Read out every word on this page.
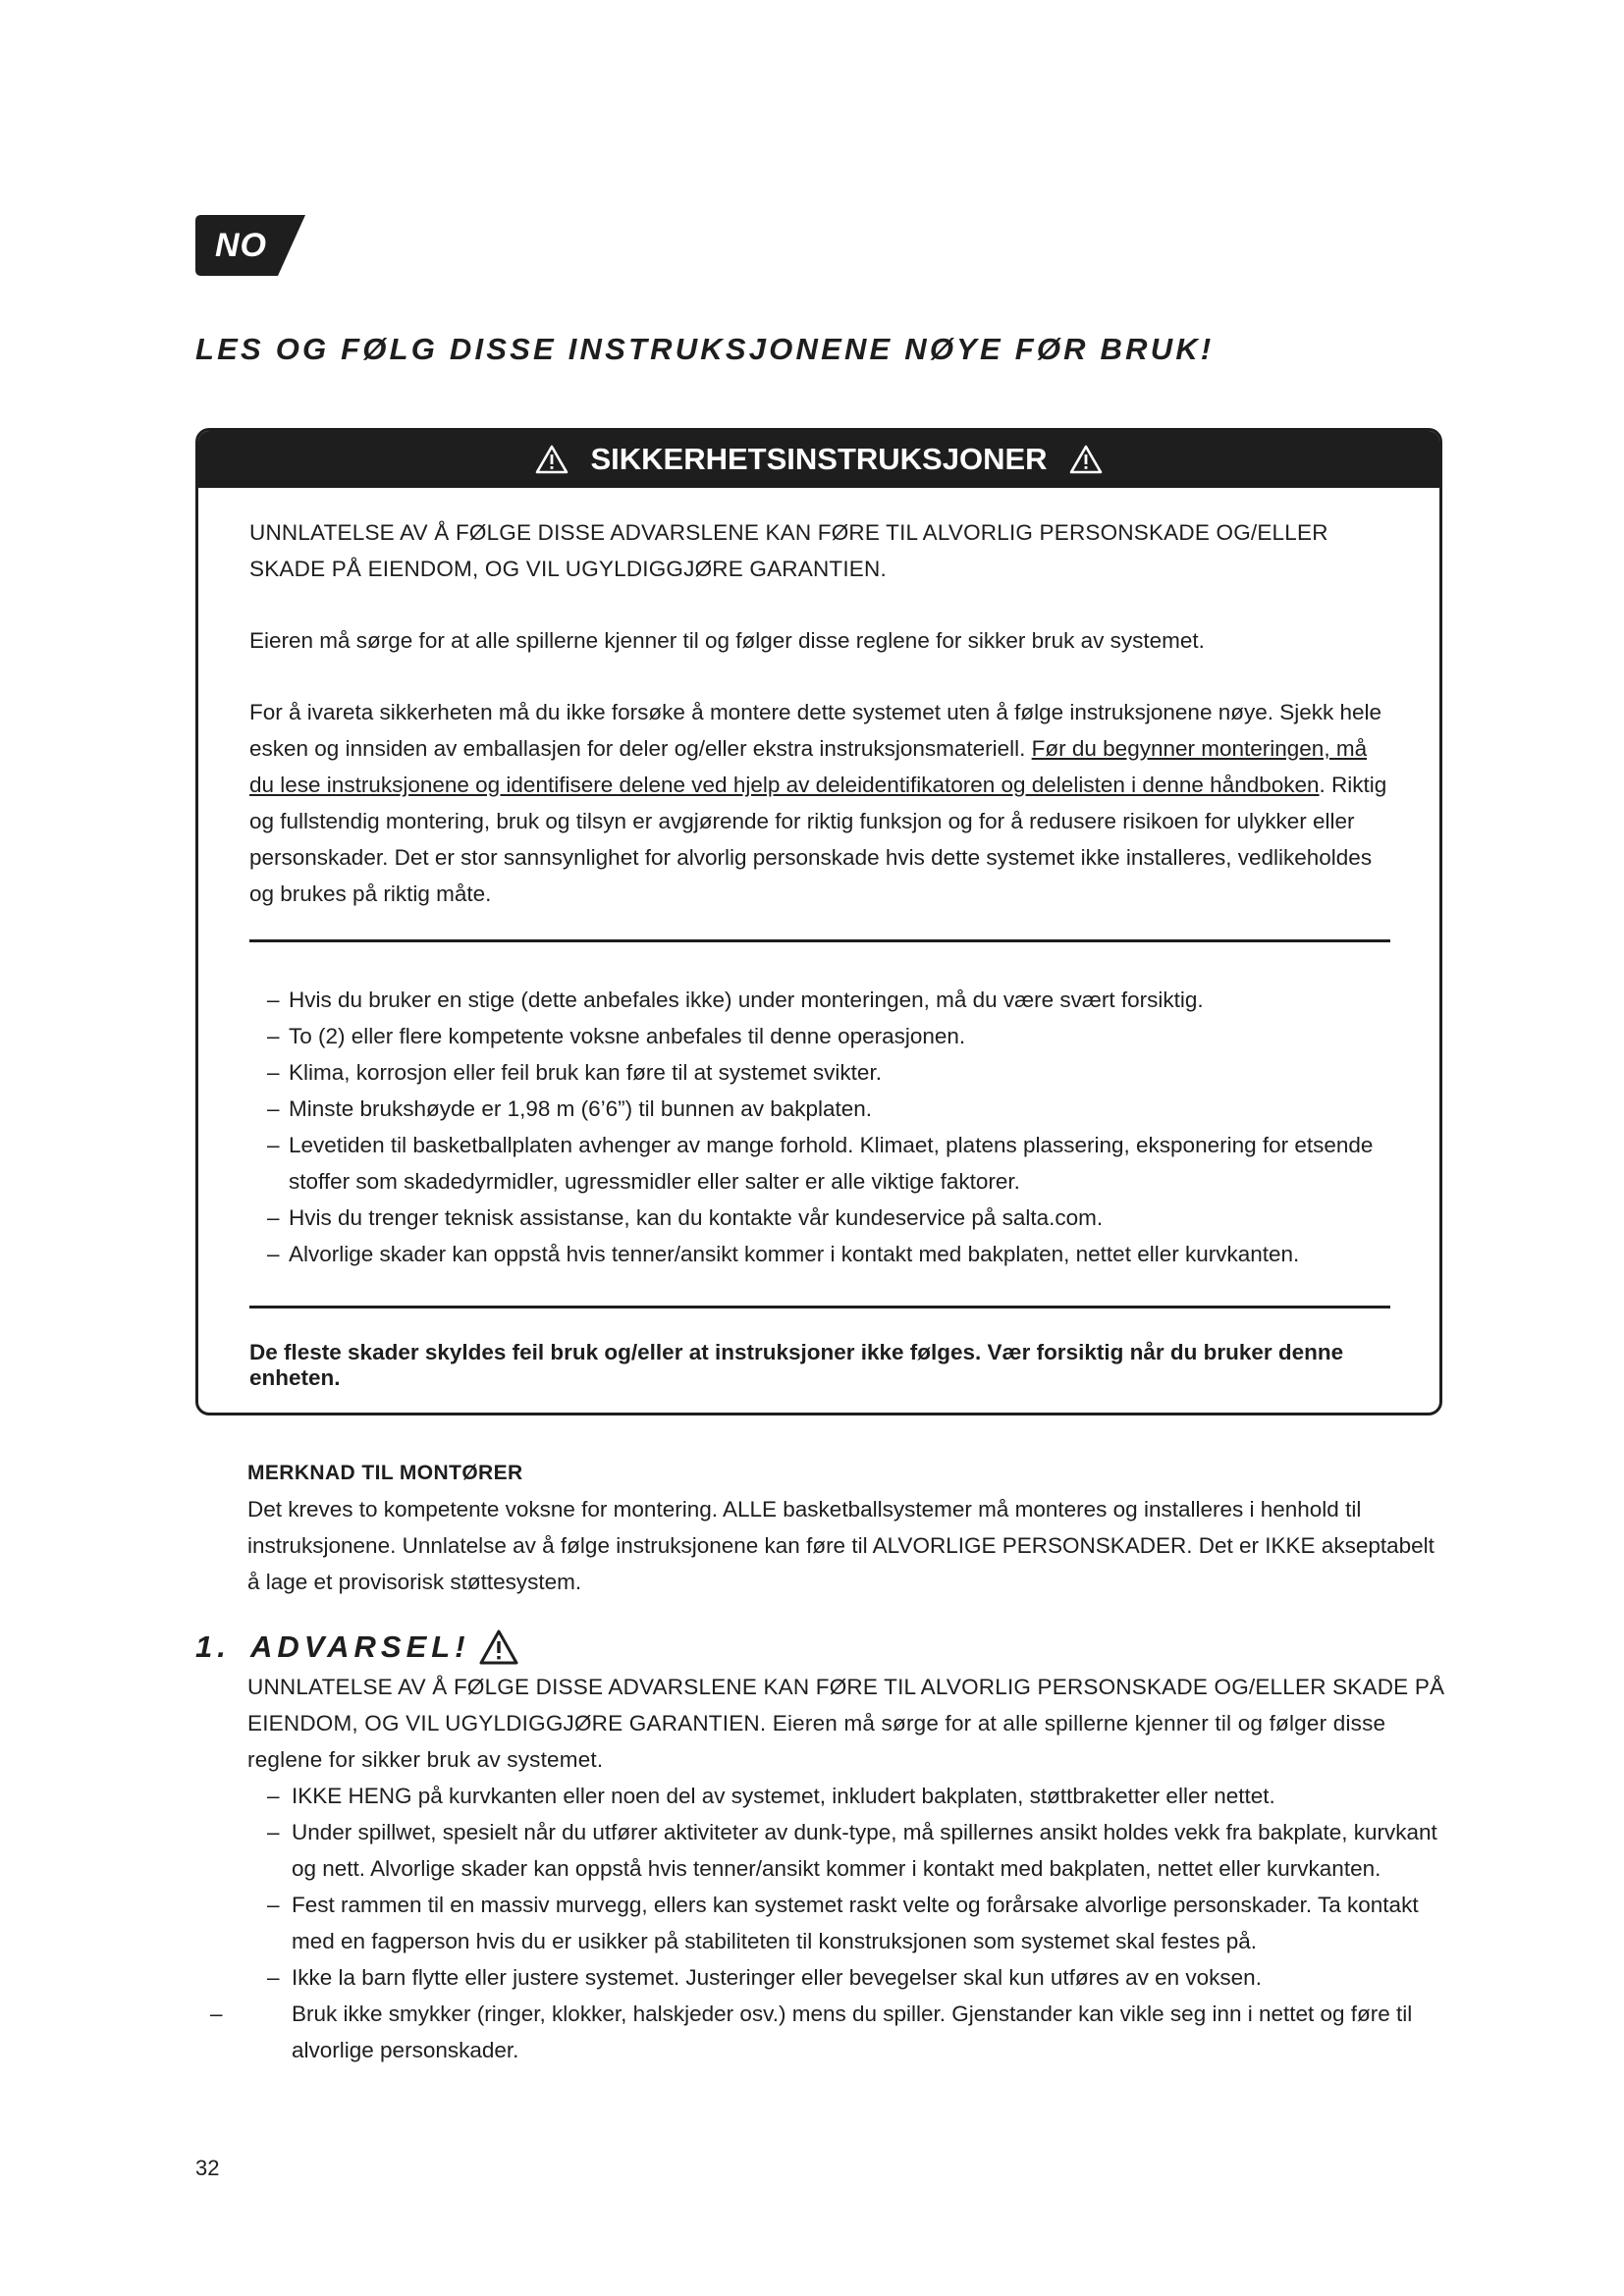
NO
LES OG FØLG DISSE INSTRUKSJONENE NØYE FØR BRUK!
SIKKERHETSINSTRUKSJONER

UNNLATELSE AV Å FØLGE DISSE ADVARSLENE KAN FØRE TIL ALVORLIG PERSONSKADE OG/ELLER SKADE PÅ EIENDOM, OG VIL UGYLDIGGJØRE GARANTIEN.

Eieren må sørge for at alle spillerne kjenner til og følger disse reglene for sikker bruk av systemet.

For å ivareta sikkerheten må du ikke forsøke å montere dette systemet uten å følge instruksjonene nøye. Sjekk hele esken og innsiden av emballasjen for deler og/eller ekstra instruksjonsmateriell. Før du begynner monteringen, må du lese instruksjonene og identifisere delene ved hjelp av deleidentifikatoren og delelisten i denne håndboken. Riktig og fullstendig montering, bruk og tilsyn er avgjørende for riktig funksjon og for å redusere risikoen for ulykker eller personskader. Det er stor sannsynlighet for alvorlig personskade hvis dette systemet ikke installeres, vedlikeholdes og brukes på riktig måte.

– Hvis du bruker en stige (dette anbefales ikke) under monteringen, må du være svært forsiktig.
– To (2) eller flere kompetente voksne anbefales til denne operasjonen.
– Klima, korrosjon eller feil bruk kan føre til at systemet svikter.
– Minste brukshøyde er 1,98 m (6’6”) til bunnen av bakplaten.
– Levetiden til basketballplaten avhenger av mange forhold. Klimaet, platens plassering, eksponering for etsende stoffer som skadedyrmidler, ugressmidler eller salter er alle viktige faktorer.
– Hvis du trenger teknisk assistanse, kan du kontakte vår kundeservice på salta.com.
– Alvorlige skader kan oppstå hvis tenner/ansikt kommer i kontakt med bakplaten, nettet eller kurvkanten.
De fleste skader skyldes feil bruk og/eller at instruksjoner ikke følges. Vær forsiktig når du bruker denne enheten.
MERKNAD TIL MONTØRER
Det kreves to kompetente voksne for montering. ALLE basketballsystemer må monteres og installeres i henhold til instruksjonene. Unnlatelse av å følge instruksjonene kan føre til ALVORLIGE PERSONSKADER. Det er IKKE akseptabelt å lage et provisorisk støttesystem.
1. ADVARSEL!

UNNLATELSE AV Å FØLGE DISSE ADVARSLENE KAN FØRE TIL ALVORLIG PERSONSKADE OG/ELLER SKADE PÅ EIENDOM, OG VIL UGYLDIGGJØRE GARANTIEN. Eieren må sørge for at alle spillerne kjenner til og følger disse reglene for sikker bruk av systemet.

– IKKE HENG på kurvkanten eller noen del av systemet, inkludert bakplaten, støttbraketter eller nettet.
– Under spillwet, spesielt når du utfører aktiviteter av dunk-type, må spillernes ansikt holdes vekk fra bakplate, kurvkant og nett. Alvorlige skader kan oppstå hvis tenner/ansikt kommer i kontakt med bakplaten, nettet eller kurvkanten.
– Fest rammen til en massiv murvegg, ellers kan systemet raskt velte og forårsake alvorlige personskader. Ta kontakt med en fagperson hvis du er usikker på stabiliteten til konstruksjonen som systemet skal festes på.
– Ikke la barn flytte eller justere systemet. Justeringer eller bevegelser skal kun utføres av en voksen.
– Bruk ikke smykker (ringer, klokker, halskjeder osv.) mens du spiller. Gjenstander kan vikle seg inn i nettet og føre til alvorlige personskader.
32
